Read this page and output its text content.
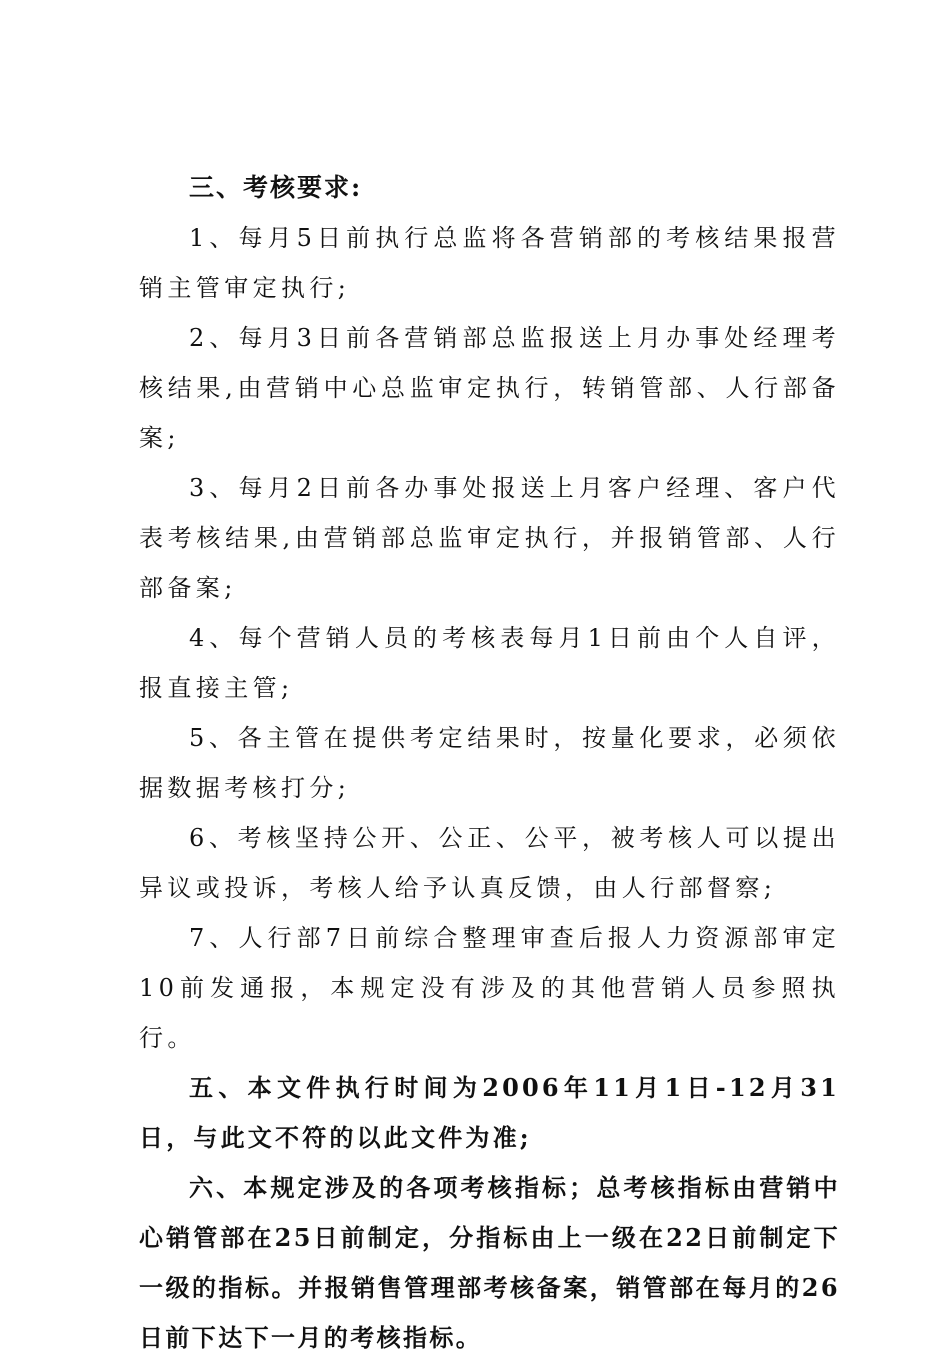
三、考核要求:

1、每月5日前执行总监将各营销部的考核结果报营销主管审定执行;

2、每月3日前各营销部总监报送上月办事处经理考核结果,由营销中心总监审定执行，转销管部、人行部备案;

3、每月2日前各办事处报送上月客户经理、客户代表考核结果,由营销部总监审定执行，并报销管部、人行部备案;

4、每个营销人员的考核表每月1日前由个人自评，报直接主管;

5、各主管在提供考定结果时，按量化要求，必须依据数据考核打分;

6、考核坚持公开、公正、公平，被考核人可以提出异议或投诉，考核人给予认真反馈，由人行部督察;

7、人行部7日前综合整理审查后报人力资源部审定10前发通报，本规定没有涉及的其他营销人员参照执行。

五、本文件执行时间为2006年11月1日-12月31日，与此文不符的以此文件为准;

六、本规定涉及的各项考核指标；总考核指标由营销中心销管部在25日前制定，分指标由上一级在22日前制定下一级的指标。并报销售管理部考核备案，销管部在每月的26日前下达下一月的考核指标。
